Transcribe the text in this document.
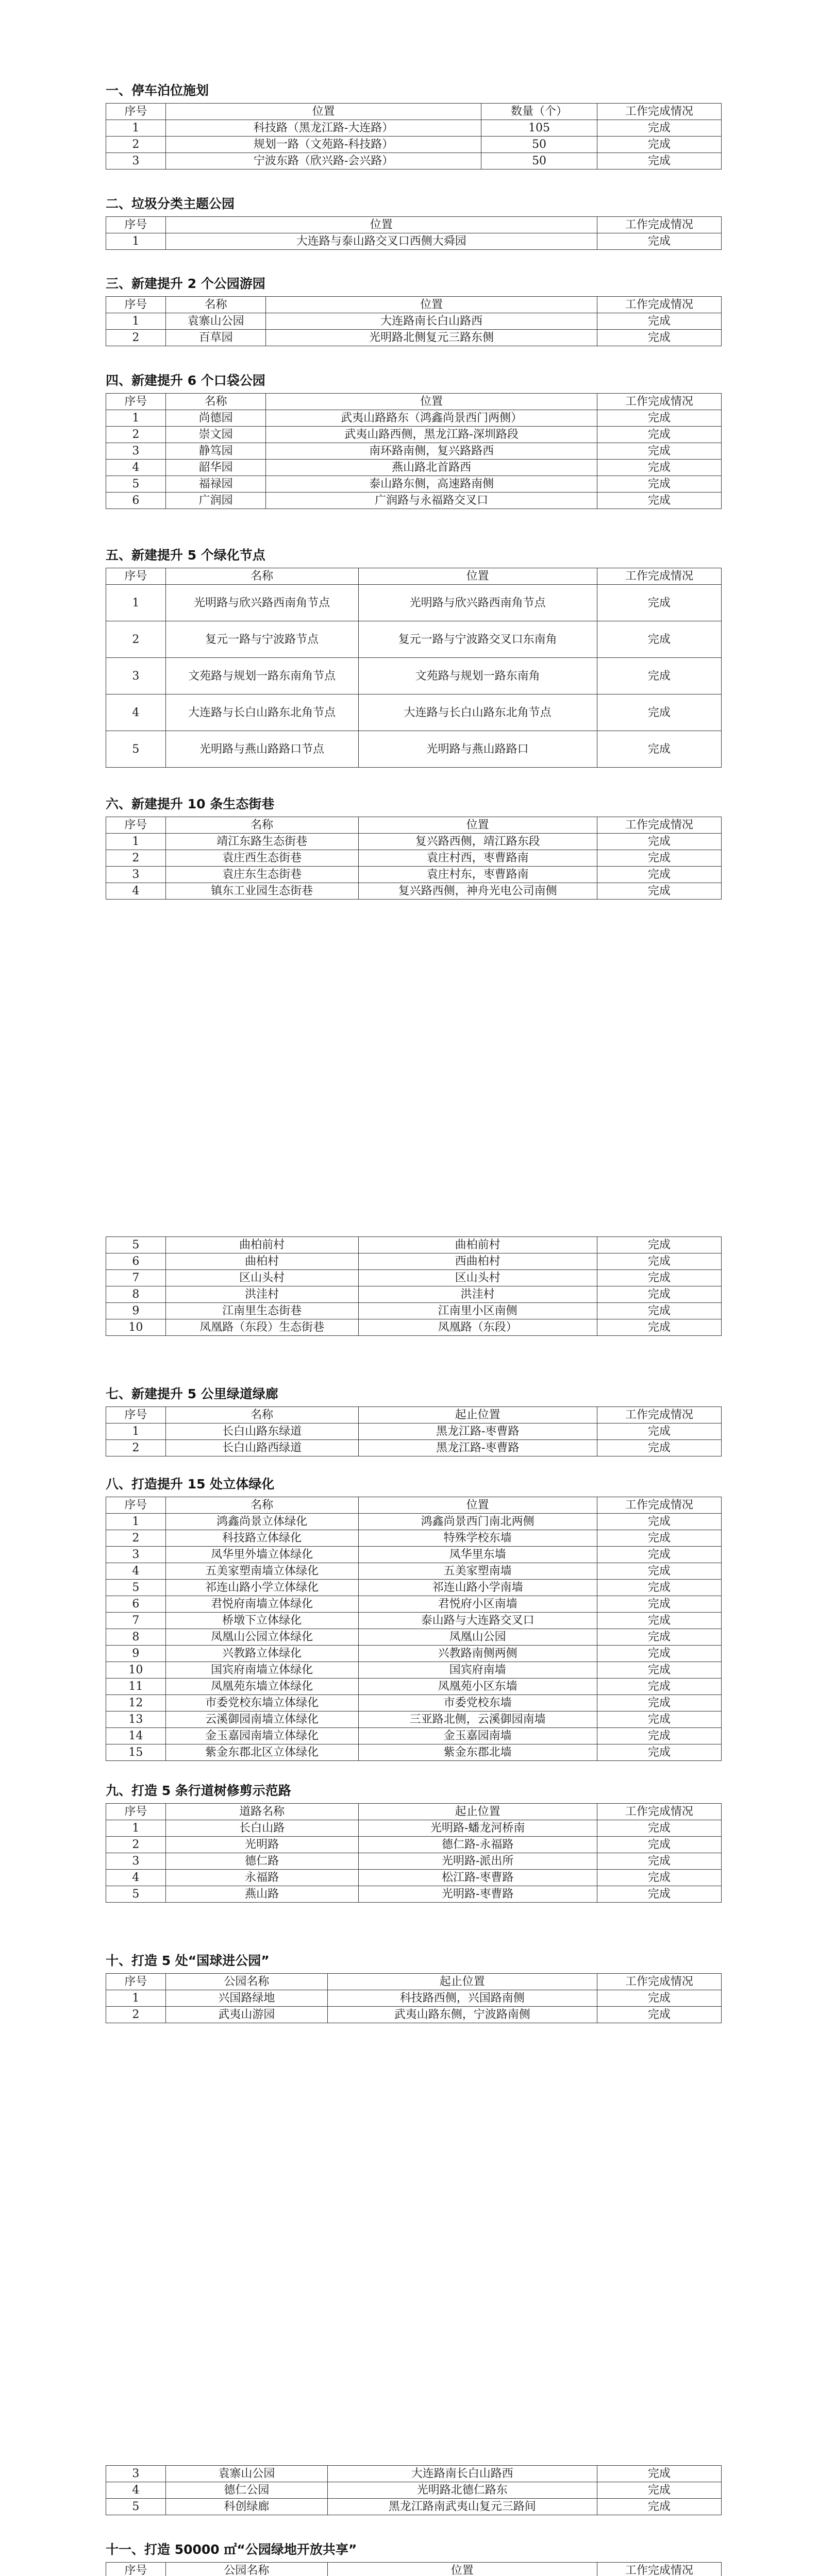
一、停车泊位施划
序号	位置	数量（个）	工作完成情况
1	科技路（黑龙江路-大连路）	105	完成
2	规划一路（文苑路-科技路）	50	完成
3	宁波东路（欣兴路-会兴路）	50	完成
二、垃圾分类主题公园
序号	位置	工作完成情况
1	大连路与泰山路交叉口西侧大舜园	完成
三、新建提升 2 个公园游园
序号	名称	位置	工作完成情况
1	袁寨山公园	大连路南长白山路西	完成
2	百草园	光明路北侧复元三路东侧	完成
四、新建提升 6 个口袋公园
序号	名称	位置	工作完成情况
1	尚德园	武夷山路路东（鸿鑫尚景西门两侧）	完成
2	崇文园	武夷山路西侧，黑龙江路-深圳路段	完成
3	静笃园	南环路南侧，复兴路路西	完成
4	韶华园	燕山路北首路西	完成
5	福禄园	泰山路东侧，高速路南侧	完成
6	广润园	广润路与永福路交叉口	完成
五、新建提升 5 个绿化节点
序号	名称	位置	工作完成情况
1	光明路与欣兴路西南角节点	光明路与欣兴路西南角节点	完成
2	复元一路与宁波路节点	复元一路与宁波路交叉口东南角	完成
3	文苑路与规划一路东南角节点	文苑路与规划一路东南角	完成
4	大连路与长白山路东北角节点	大连路与长白山路东北角节点	完成
5	光明路与燕山路路口节点	光明路与燕山路路口	完成
六、新建提升 10 条生态街巷
序号	名称	位置	工作完成情况
1	靖江东路生态街巷	复兴路西侧，靖江路东段	完成
2	袁庄西生态街巷	袁庄村西，枣曹路南	完成
3	袁庄东生态街巷	袁庄村东，枣曹路南	完成
4	镇东工业园生态街巷	复兴路西侧，神舟光电公司南侧	完成
5	曲柏前村	曲柏前村	完成
6	曲柏村	西曲柏村	完成
7	区山头村	区山头村	完成
8	洪洼村	洪洼村	完成
9	江南里生态街巷	江南里小区南侧	完成
10	凤凰路（东段）生态街巷	凤凰路（东段）	完成
七、新建提升 5 公里绿道绿廊
序号	名称	起止位置	工作完成情况
1	长白山路东绿道	黑龙江路-枣曹路	完成
2	长白山路西绿道	黑龙江路-枣曹路	完成
八、打造提升 15 处立体绿化
序号	名称	位置	工作完成情况
1	鸿鑫尚景立体绿化	鸿鑫尚景西门南北两侧	完成
2	科技路立体绿化	特殊学校东墙	完成
3	凤华里外墙立体绿化	凤华里东墙	完成
4	五美家塑南墙立体绿化	五美家塑南墙	完成
5	祁连山路小学立体绿化	祁连山路小学南墙	完成
6	君悦府南墙立体绿化	君悦府小区南墙	完成
7	桥墩下立体绿化	泰山路与大连路交叉口	完成
8	凤凰山公园立体绿化	凤凰山公园	完成
9	兴教路立体绿化	兴教路南侧两侧	完成
10	国宾府南墙立体绿化	国宾府南墙	完成
11	凤凰苑东墙立体绿化	凤凰苑小区东墙	完成
12	市委党校东墙立体绿化	市委党校东墙	完成
13	云溪御园南墙立体绿化	三亚路北侧，云溪御园南墙	完成
14	金玉嘉园南墙立体绿化	金玉嘉园南墙	完成
15	紫金东郡北区立体绿化	紫金东郡北墙	完成
九、打造 5 条行道树修剪示范路
序号	道路名称	起止位置	工作完成情况
1	长白山路	光明路-蟠龙河桥南	完成
2	光明路	德仁路-永福路	完成
3	德仁路	光明路-派出所	完成
4	永福路	松江路-枣曹路	完成
5	燕山路	光明路-枣曹路	完成
十、打造 5 处“国球进公园”
序号	公园名称	起止位置	工作完成情况
1	兴国路绿地	科技路西侧，兴国路南侧	完成
2	武夷山游园	武夷山路东侧，宁波路南侧	完成
3	袁寨山公园	大连路南长白山路西	完成
4	德仁公园	光明路北德仁路东	完成
5	科创绿廊	黑龙江路南武夷山复元三路间	完成
十一、打造 50000 ㎡“公园绿地开放共享”
序号	公园名称	位置	工作完成情况
